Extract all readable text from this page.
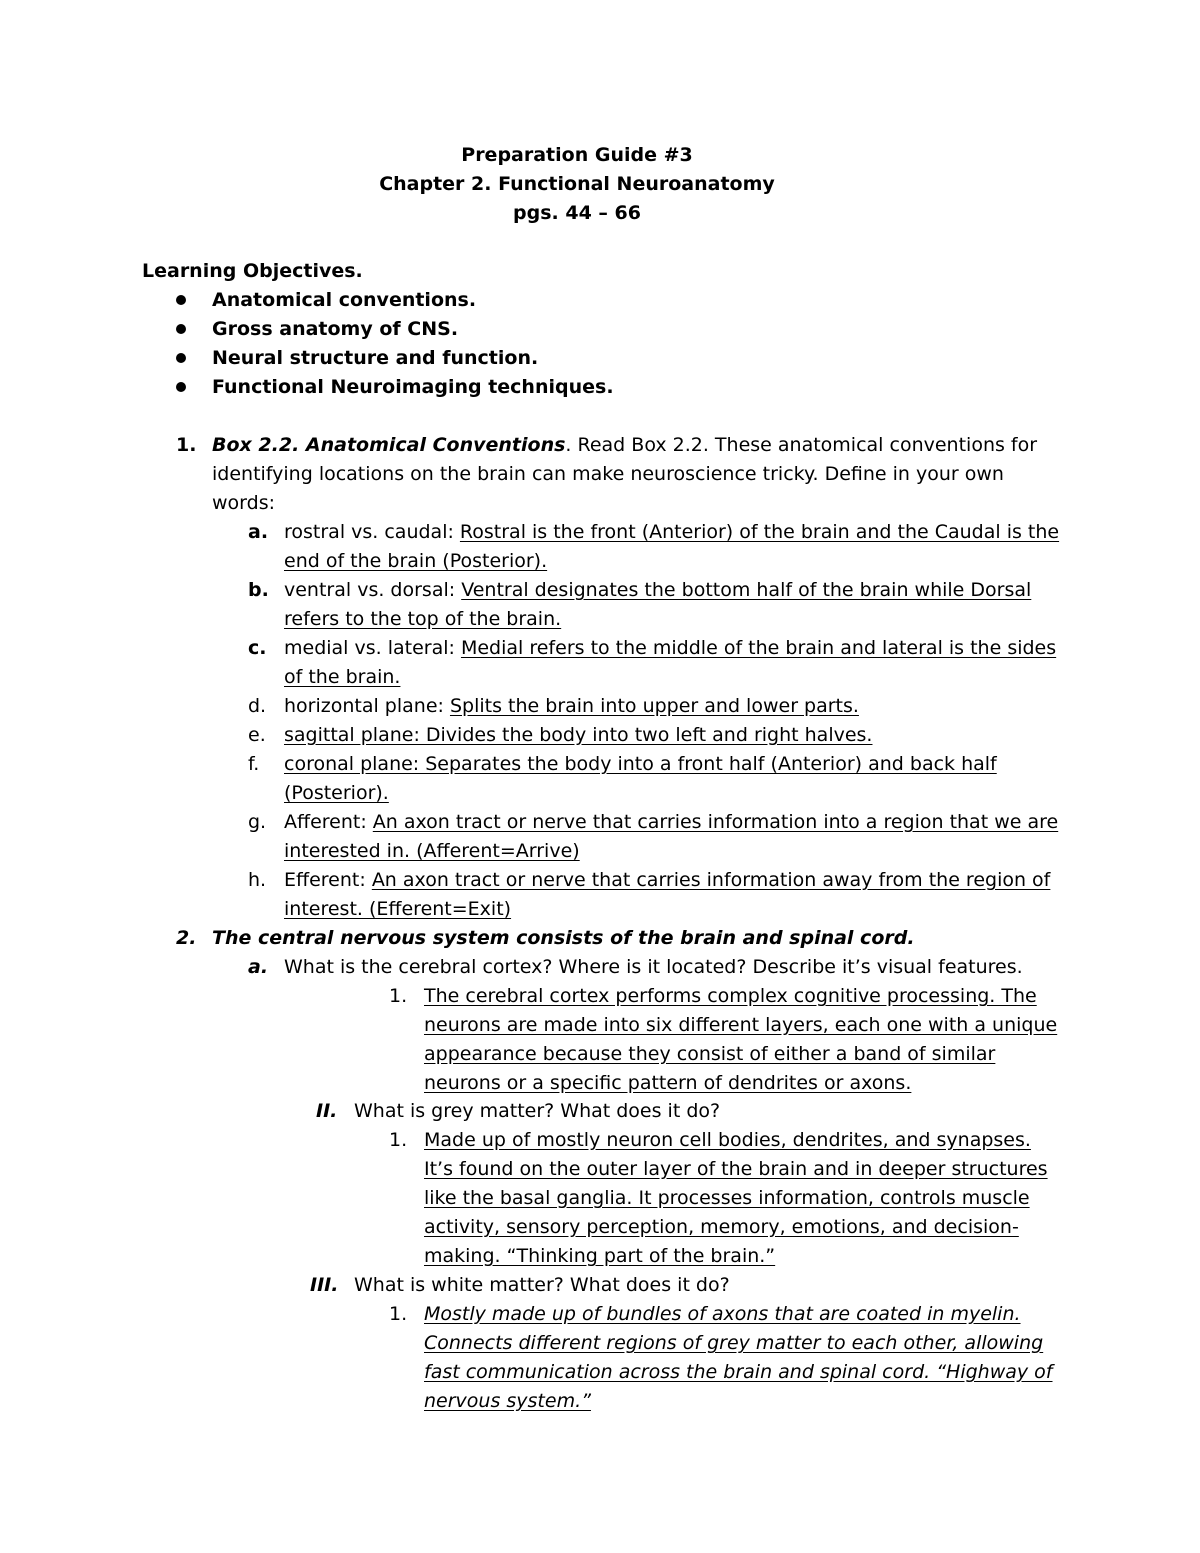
Preparation Guide #3
Chapter 2. Functional Neuroanatomy
pgs. 44 – 66
Learning Objectives.
Anatomical conventions.
Gross anatomy of CNS.
Neural structure and function.
Functional Neuroimaging techniques.
1. Box 2.2. Anatomical Conventions. Read Box 2.2. These anatomical conventions for
identifying locations on the brain can make neuroscience tricky. Define in your own
words:
a. rostral vs. caudal: Rostral is the front (Anterior) of the brain and the Caudal is the
end of the brain (Posterior).
b. ventral vs. dorsal: Ventral designates the bottom half of the brain while Dorsal
refers to the top of the brain.
c. medial vs. lateral: Medial refers to the middle of the brain and lateral is the sides
of the brain.
d. horizontal plane: Splits the brain into upper and lower parts.
e. sagittal plane: Divides the body into two left and right halves.
f. coronal plane: Separates the body into a front half (Anterior) and back half
(Posterior).
g. Afferent: An axon tract or nerve that carries information into a region that we are
interested in. (Afferent=Arrive)
h. Efferent: An axon tract or nerve that carries information away from the region of
interest. (Efferent=Exit)
2. The central nervous system consists of the brain and spinal cord.
a. What is the cerebral cortex? Where is it located? Describe it’s visual features.
1. The cerebral cortex performs complex cognitive processing. The
neurons are made into six different layers, each one with a unique
appearance because they consist of either a band of similar
neurons or a specific pattern of dendrites or axons.
II. What is grey matter? What does it do?
1. Made up of mostly neuron cell bodies, dendrites, and synapses.
It’s found on the outer layer of the brain and in deeper structures
like the basal ganglia. It processes information, controls muscle
activity, sensory perception, memory, emotions, and decision-
making. “Thinking part of the brain.”
III. What is white matter? What does it do?
1. Mostly made up of bundles of axons that are coated in myelin.
Connects different regions of grey matter to each other, allowing
fast communication across the brain and spinal cord. “Highway of
nervous system.”
